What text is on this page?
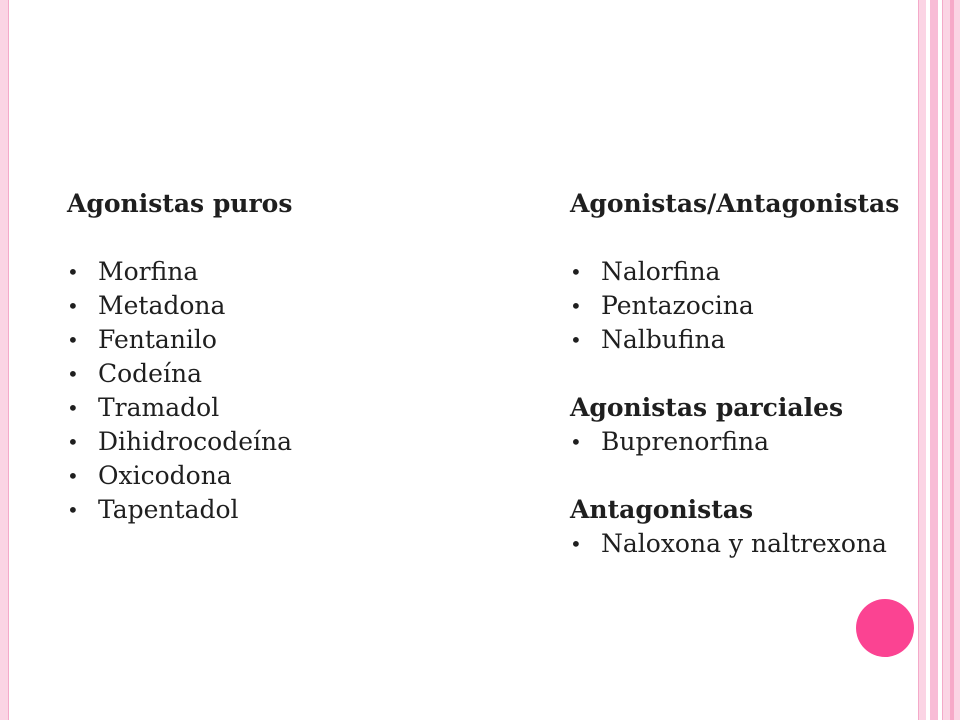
Agonistas puros

• Morfina
• Metadona
• Fentanilo
• Codeína
• Tramadol
• Dihidrocodeína
• Oxicodona
• Tapentadol

Agonistas/Antagonistas

• Nalorfina
• Pentazocina
• Nalbufina

Agonistas parciales

• Buprenorfina

Antagonistas

• Naloxona y naltrexona
